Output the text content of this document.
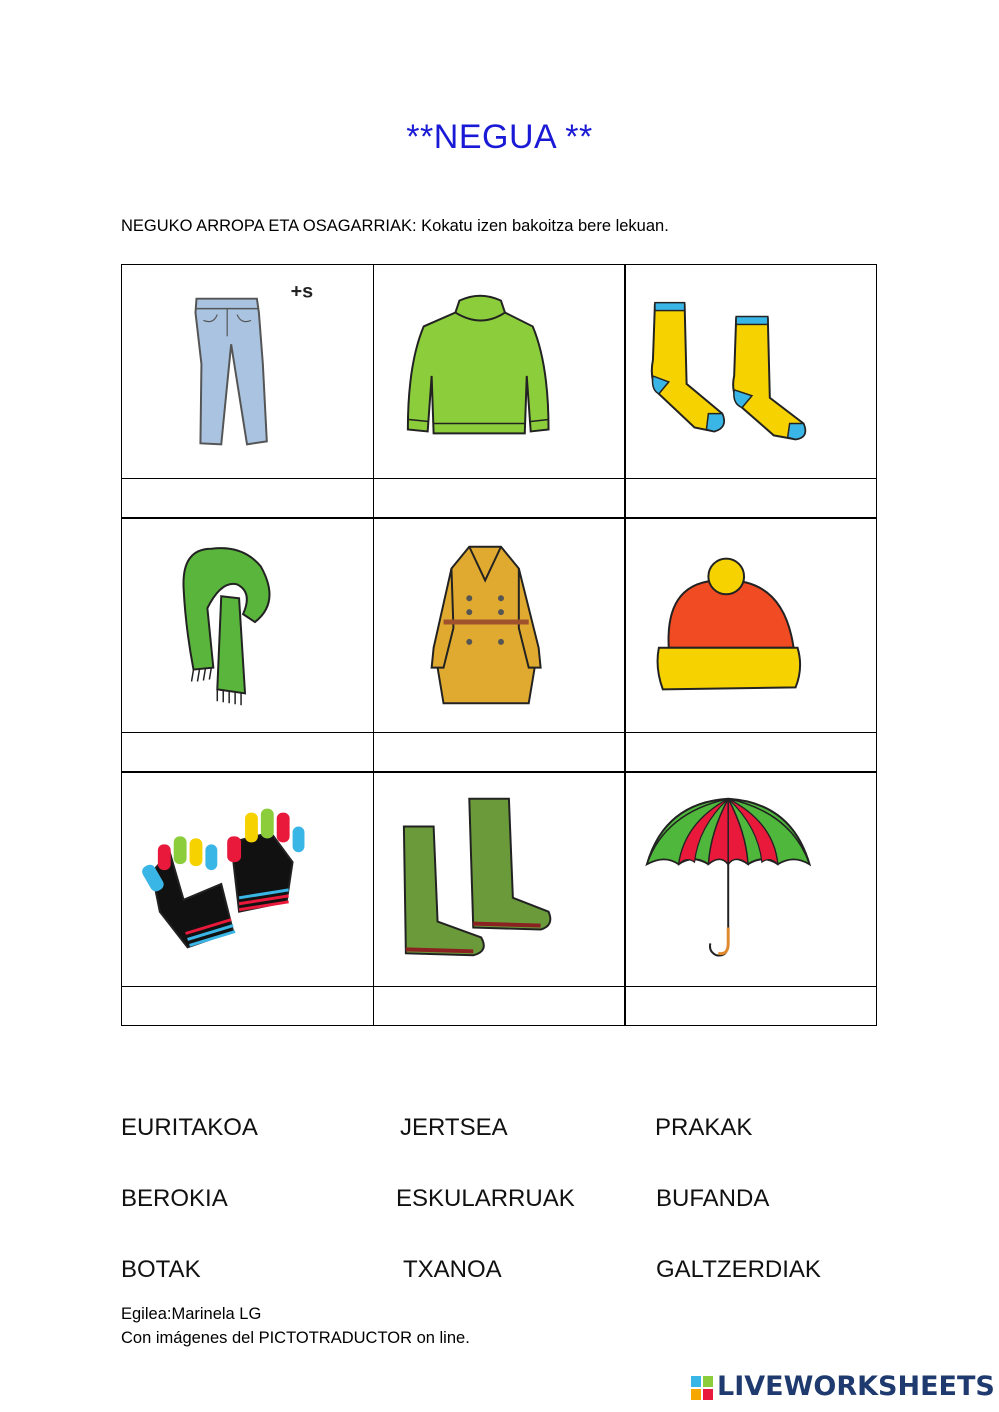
**NEGUA **
NEGUKO ARROPA ETA OSAGARRIAK: Kokatu izen bakoitza bere lekuan.
+s
EURITAKOA	JERTSEA	PRAKAK
BEROKIA	ESKULARRUAK	BUFANDA
BOTAK	TXANOA	GALTZERDIAK
Egilea:Marinela LG
Con imágenes del PICTOTRADUCTOR on line.
LIVEWORKSHEETS
